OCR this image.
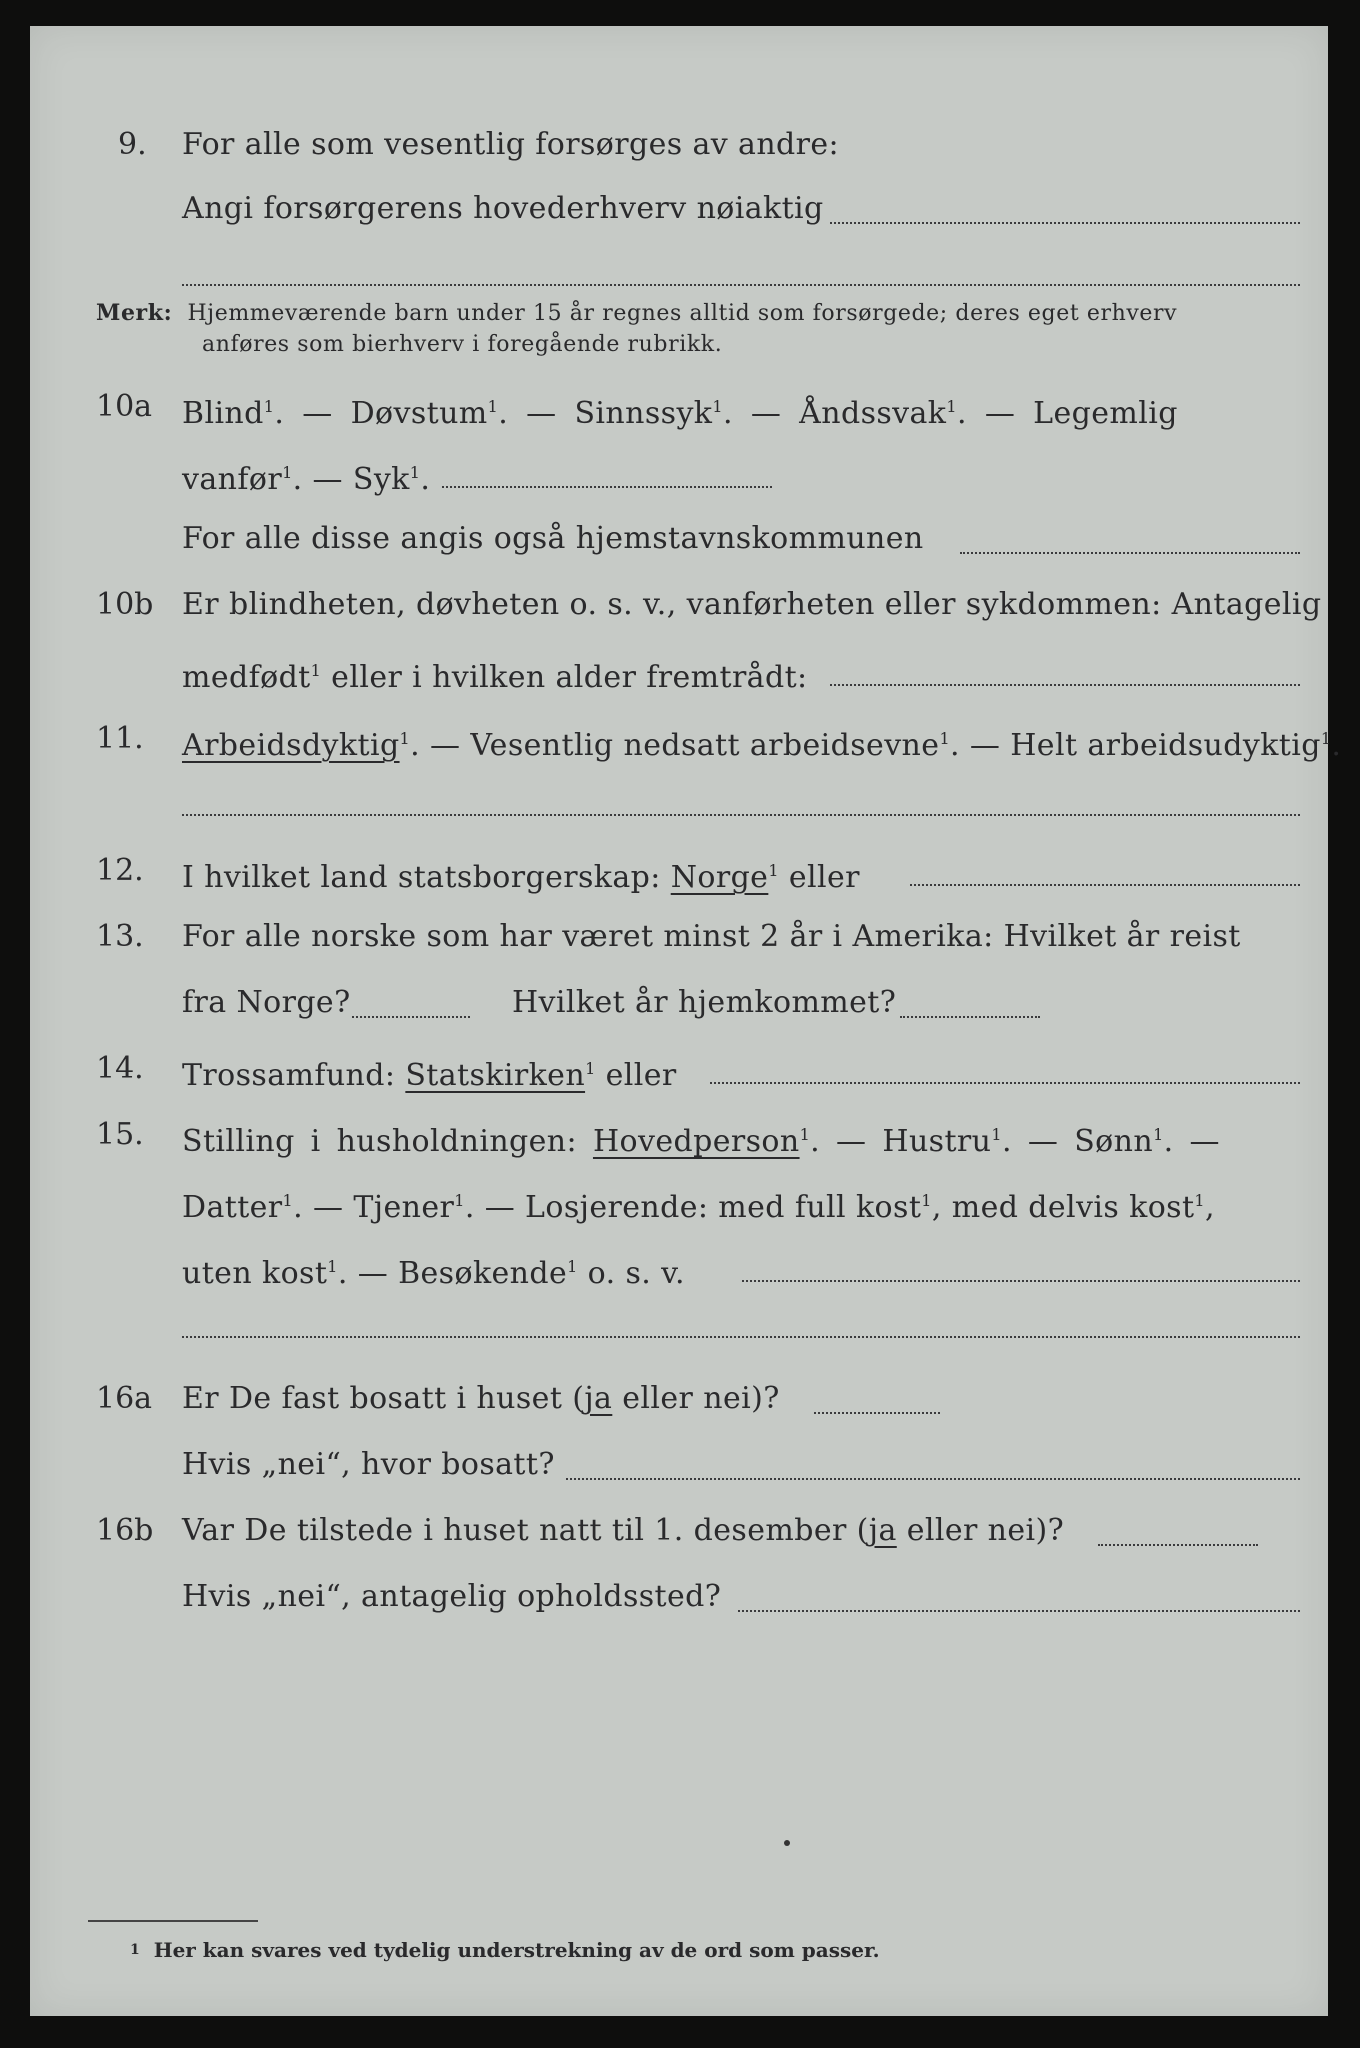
9. For alle som vesentlig forsørges av andre:
Angi forsørgerens hovederhverv nøiaktig
Merk: Hjemmeværende barn under 15 år regnes alltid som forsørgede; deres eget erhverv
anføres som bierhverv i foregående rubrikk.
10a Blind$^1$. — Døvstum$^1$. — Sinnssyk$^1$. — Åndssvak$^1$. — Legemlig
vanfør$^1$. — Syk$^1$.
For alle disse angis også hjemstavnskommunen
10b Er blindheten, døvheten o. s. v., vanførheten eller sykdommen: Antagelig
medfødt$^1$ eller i hvilken alder fremtrådt:
11. Arbeidsdyktig$^1$. — Vesentlig nedsatt arbeidsevne$^1$. — Helt arbeidsudyktig$^1$.
12. I hvilket land statsborgerskap: Norge$^1$ eller
13. For alle norske som har været minst 2 år i Amerika: Hvilket år reist
fra Norge?	Hvilket år hjemkommet?
14. Trossamfund: Statskirken$^1$ eller
15. Stilling i husholdningen: Hovedperson$^1$. — Hustru$^1$. — Sønn$^1$. —
Datter$^1$. — Tjener$^1$. — Losjerende: med full kost$^1$, med delvis kost$^1$,
uten kost$^1$. — Besøkende$^1$ o. s. v.
16a Er De fast bosatt i huset (ja eller nei)?
Hvis „nei“, hvor bosatt?
16b Var De tilstede i huset natt til 1. desember (ja eller nei)?
Hvis „nei“, antagelig opholdssted?
$^1$ Her kan svares ved tydelig understrekning av de ord som passer.
